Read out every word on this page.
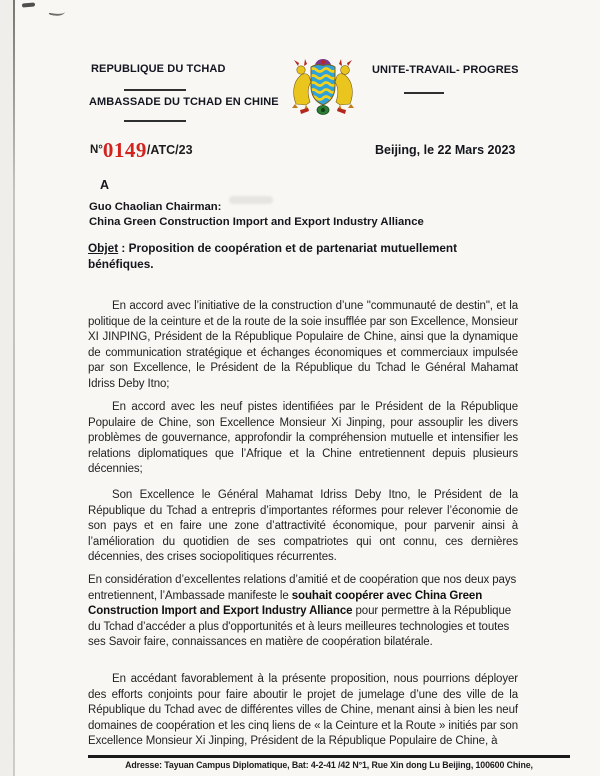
REPUBLIQUE DU TCHAD
AMBASSADE DU TCHAD EN CHINE
UNITE-TRAVAIL- PROGRES
$^{N^\circ}$0149/ATC/23	Beijing, le 22 Mars 2023
A
Guo Chaolian Chairman:
China Green Construction Import and Export Industry Alliance
Objet : Proposition de coopération et de partenariat mutuellement bénéfiques.

En accord avec l’initiative de la construction d’une "communauté de destin", et la politique de la ceinture et de la route de la soie insufflée par son Excellence, Monsieur XI JINPING, Président de la République Populaire de Chine, ainsi que la dynamique de communication stratégique et échanges économiques et commerciaux impulsée par son Excellence, le Président de la République du Tchad le Général Mahamat Idriss Deby Itno;

En accord avec les neuf pistes identifiées par le Président de la République Populaire de Chine, son Excellence Monsieur Xi Jinping, pour assouplir les divers problèmes de gouvernance, approfondir la compréhension mutuelle et intensifier les relations diplomatiques que l’Afrique et la Chine entretiennent depuis plusieurs décennies;

Son Excellence le Général Mahamat Idriss Deby Itno, le Président de la République du Tchad a entrepris d’importantes réformes pour relever l’économie de son pays et en faire une zone d’attractivité économique, pour parvenir ainsi à l’amélioration du quotidien de ses compatriotes qui ont connu, ces dernières décennies, des crises sociopolitiques récurrentes.

En considération d’excellentes relations d’amitié et de coopération que nos deux pays entretiennent, l’Ambassade manifeste le souhait coopérer avec China Green Construction Import and Export Industry Alliance pour permettre à la République du Tchad d’accéder a plus d'opportunités et à leurs meilleures technologies et toutes ses Savoir faire, connaissances en matière de coopération bilatérale.

En accédant favorablement à la présente proposition, nous pourrions déployer des efforts conjoints pour faire aboutir le projet de jumelage d’une des ville de la République du Tchad avec de différentes villes de Chine, menant ainsi à bien les neuf domaines de coopération et les cinq liens de « la Ceinture et la Route » initiés par son Excellence Monsieur Xi Jinping, Président de la République Populaire de Chine, à

Adresse: Tayuan Campus Diplomatique, Bat: 4-2-41 /42 N°1, Rue Xin dong Lu Beijing, 100600 Chine,
